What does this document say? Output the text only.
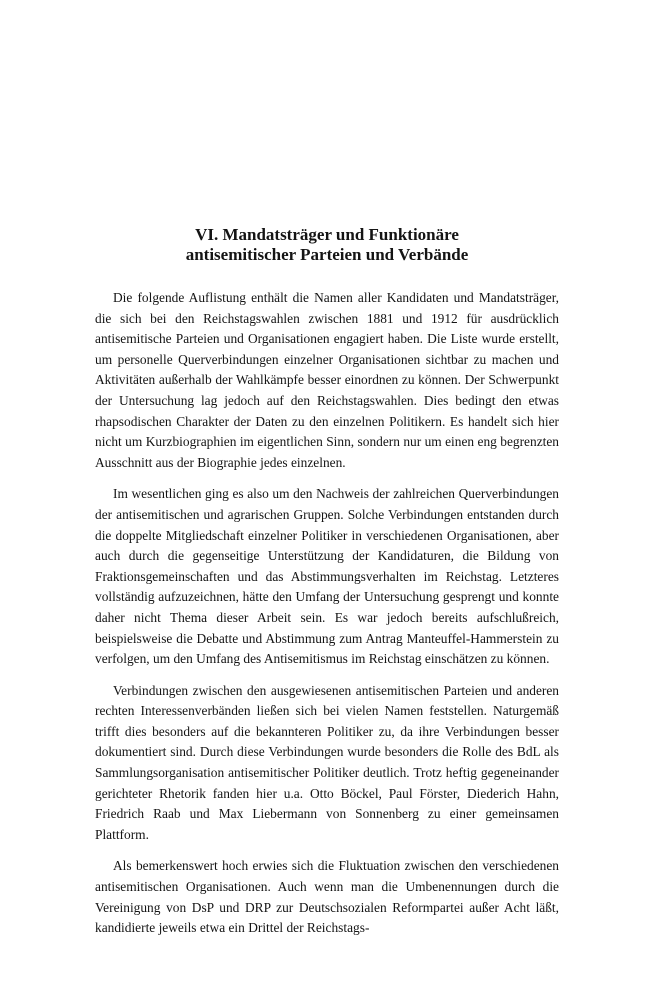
VI. Mandatsträger und Funktionäre
antisemitischer Parteien und Verbände

Die folgende Auflistung enthält die Namen aller Kandidaten und Mandatsträger, die sich bei den Reichstagswahlen zwischen 1881 und 1912 für ausdrücklich antisemitische Parteien und Organisationen engagiert haben. Die Liste wurde erstellt, um personelle Querverbindungen einzelner Organisationen sichtbar zu machen und Aktivitäten außerhalb der Wahlkämpfe besser einordnen zu können. Der Schwerpunkt der Untersuchung lag jedoch auf den Reichstagswahlen. Dies bedingt den etwas rhapsodischen Charakter der Daten zu den einzelnen Politikern. Es handelt sich hier nicht um Kurzbiographien im eigentlichen Sinn, sondern nur um einen eng begrenzten Ausschnitt aus der Biographie jedes einzelnen.

Im wesentlichen ging es also um den Nachweis der zahlreichen Querverbindungen der antisemitischen und agrarischen Gruppen. Solche Verbindungen entstanden durch die doppelte Mitgliedschaft einzelner Politiker in verschiedenen Organisationen, aber auch durch die gegenseitige Unterstützung der Kandidaturen, die Bildung von Fraktionsgemeinschaften und das Abstimmungsverhalten im Reichstag. Letzteres vollständig aufzuzeichnen, hätte den Umfang der Untersuchung gesprengt und konnte daher nicht Thema dieser Arbeit sein. Es war jedoch bereits aufschlußreich, beispielsweise die Debatte und Abstimmung zum Antrag Manteuffel-Hammerstein zu verfolgen, um den Umfang des Antisemitismus im Reichstag einschätzen zu können.

Verbindungen zwischen den ausgewiesenen antisemitischen Parteien und anderen rechten Interessenverbänden ließen sich bei vielen Namen feststellen. Naturgemäß trifft dies besonders auf die bekannteren Politiker zu, da ihre Verbindungen besser dokumentiert sind. Durch diese Verbindungen wurde besonders die Rolle des BdL als Sammlungsorganisation antisemitischer Politiker deutlich. Trotz heftig gegeneinander gerichteter Rhetorik fanden hier u.a. Otto Böckel, Paul Förster, Diederich Hahn, Friedrich Raab und Max Liebermann von Sonnenberg zu einer gemeinsamen Plattform.

Als bemerkenswert hoch erwies sich die Fluktuation zwischen den verschiedenen antisemitischen Organisationen. Auch wenn man die Umbenennungen durch die Vereinigung von DsP und DRP zur Deutschsozialen Reformpartei außer Acht läßt, kandidierte jeweils etwa ein Drittel der Reichstags-
